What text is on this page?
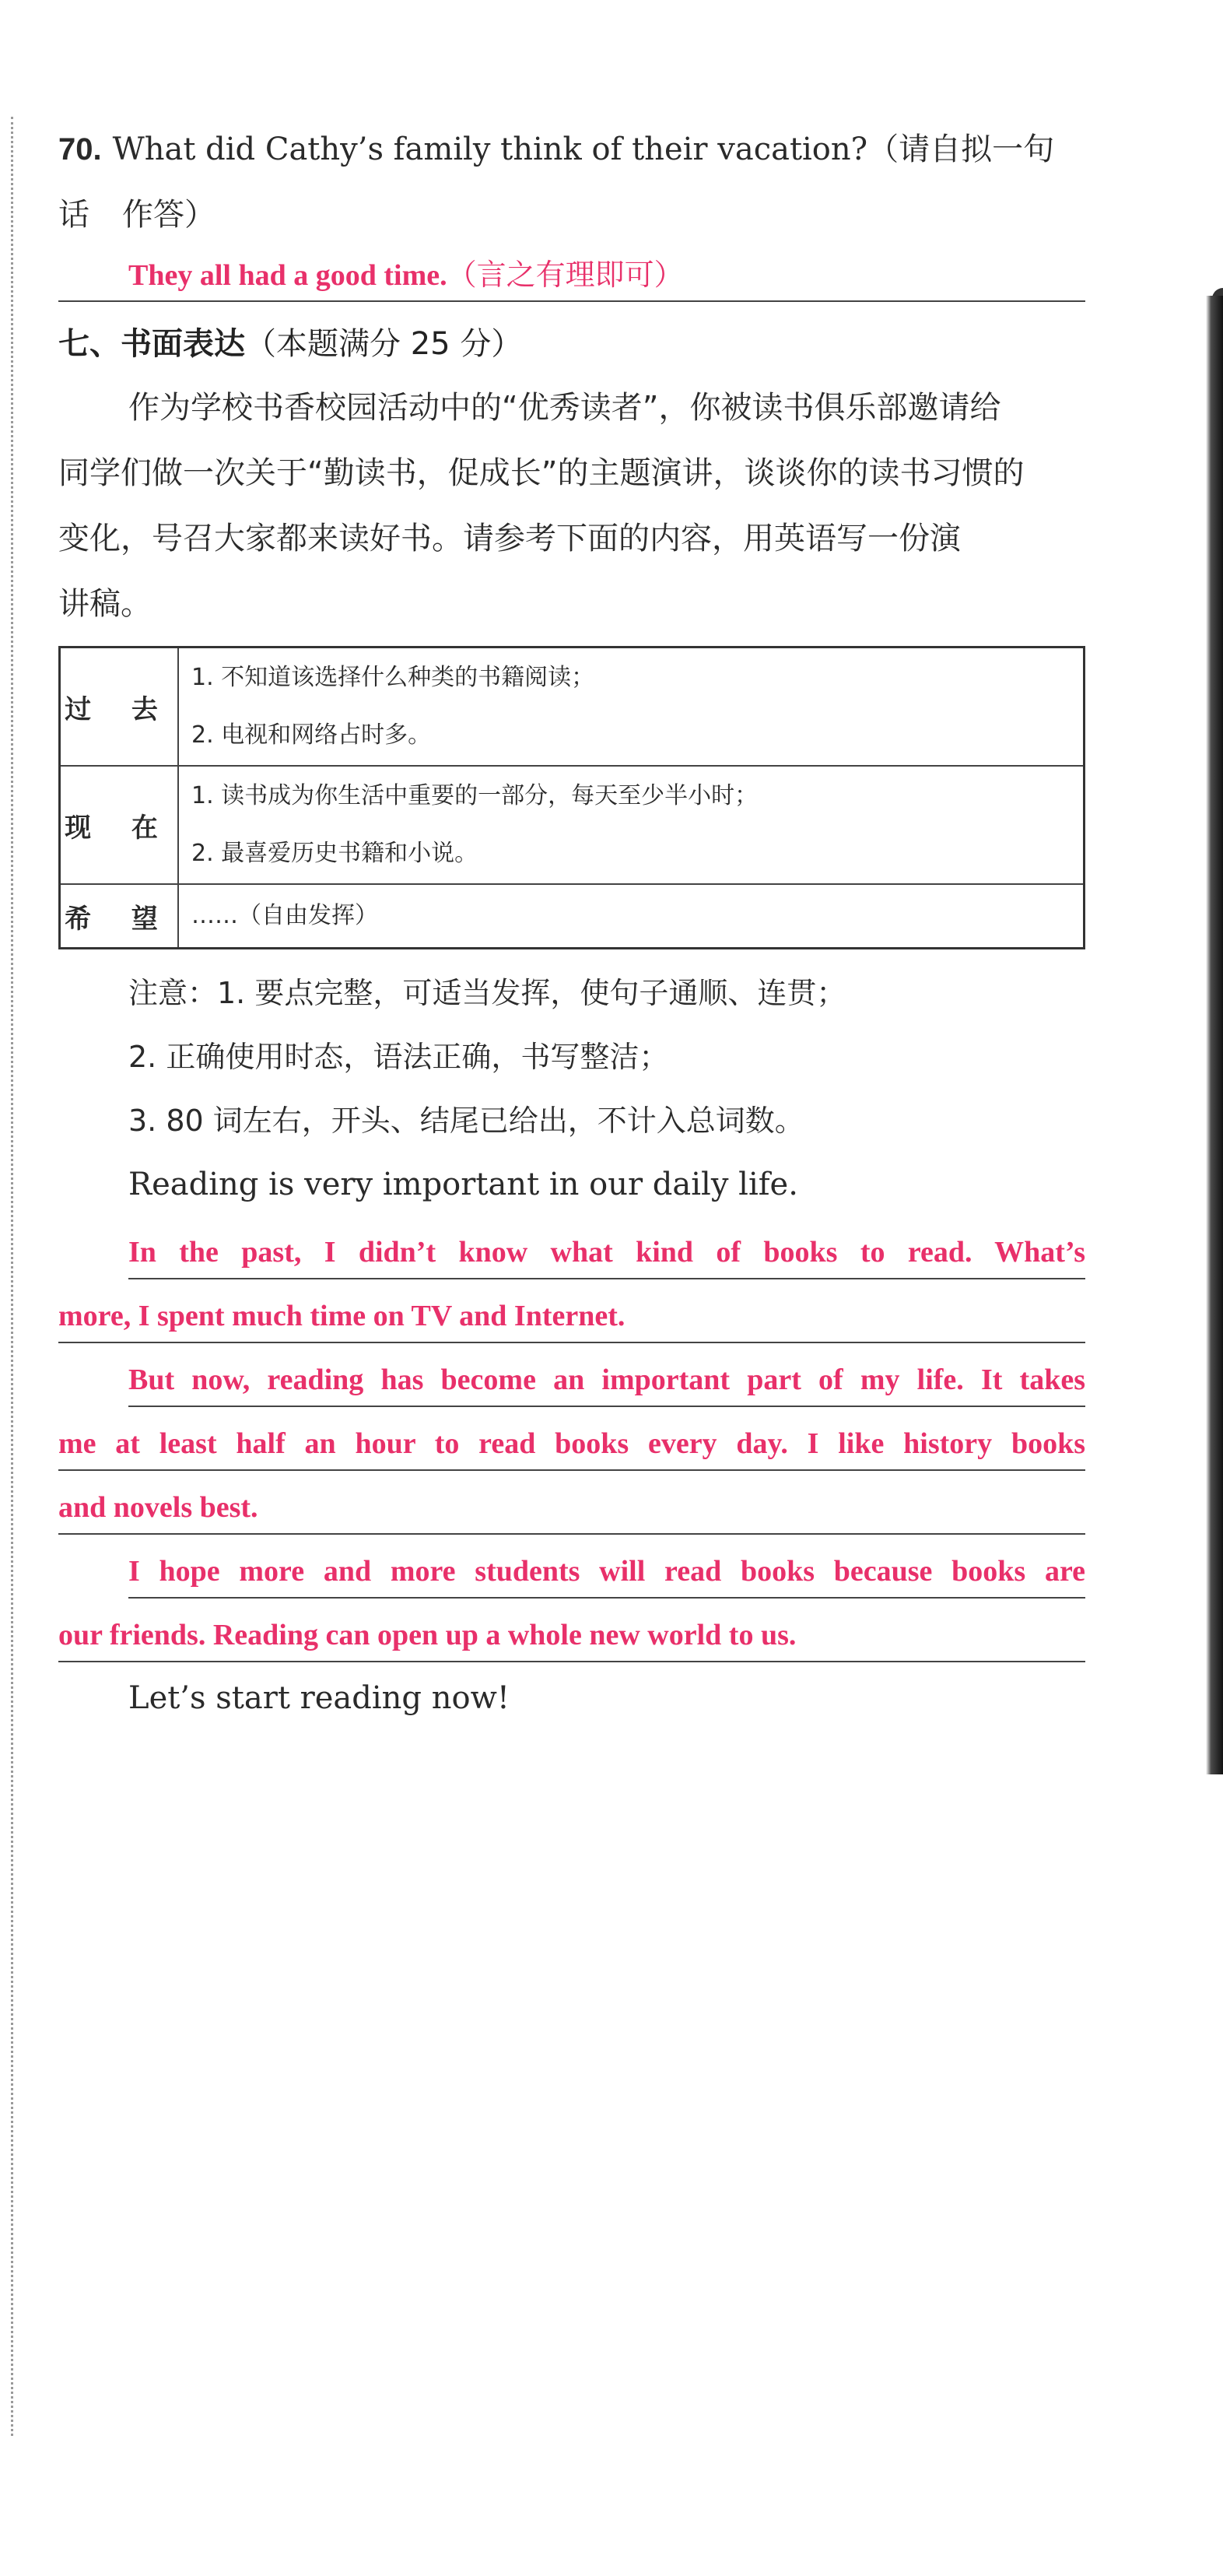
70. What did Cathy’s family think of their vacation?（请自拟一句话	作答）
They all had a good time.（言之有理即可）
七、书面表达（本题满分 25 分）
作为学校书香校园活动中的“优秀读者”，你被读书俱乐部邀请给
同学们做一次关于“勤读书，促成长”的主题演讲，谈谈你的读书习惯的
变化，号召大家都来读好书。请参考下面的内容，用英语写一份演
讲稿。
过 去	1. 不知道该选择什么种类的书籍阅读；
2. 电视和网络占时多。

现 在	1. 读书成为你生活中重要的一部分，每天至少半小时；
2. 最喜爱历史书籍和小说。

希 望	……（自由发挥）
注意：1. 要点完整，可适当发挥，使句子通顺、连贯；
2. 正确使用时态，语法正确，书写整洁；
3. 80 词左右，开头、结尾已给出，不计入总词数。
Reading is very important in our daily life.
In the past, I didn’t know what kind of books to read. What’s
more, I spent much time on TV and Internet.
But now, reading has become an important part of my life. It takes
me at least half an hour to read books every day. I like history books
and novels best.
I hope more and more students will read books because books are
our friends. Reading can open up a whole new world to us.
Let’s start reading now!
